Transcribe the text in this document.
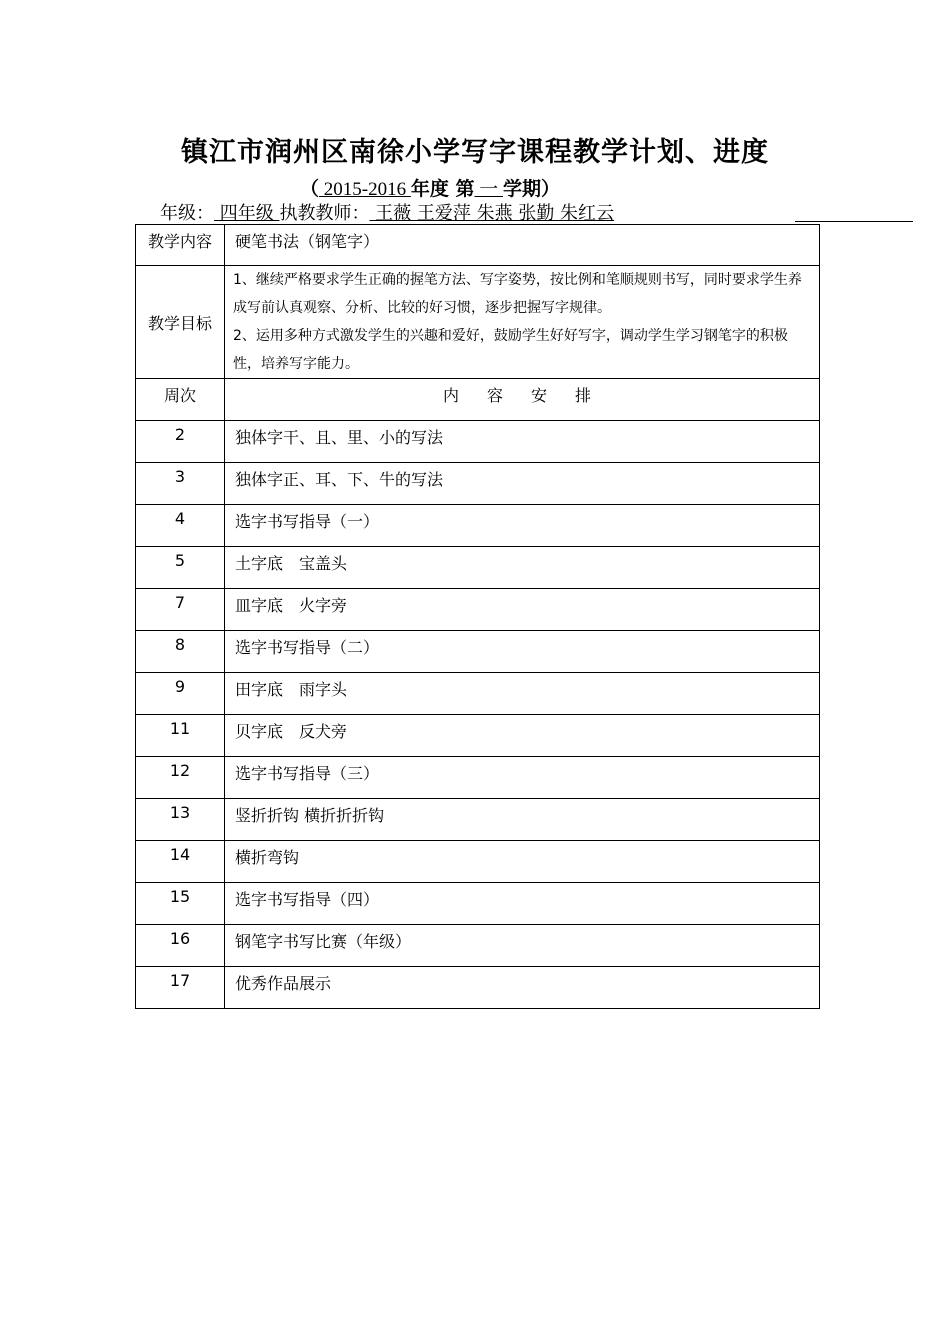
镇江市润州区南徐小学写字课程教学计划、进度
（ 2015-2016 年度 第 一 学期）
年级： 四年级 执教教师： 王薇 王爱萍 朱燕 张勤 朱红云
教学内容	硬笔书法（钢笔字）
教学目标	1、继续严格要求学生正确的握笔方法、写字姿势，按比例和笔顺规则书写，同时要求学生养成写前认真观察、分析、比较的好习惯，逐步把握写字规律。
2、运用多种方式激发学生的兴趣和爱好，鼓励学生好好写字，调动学生学习钢笔字的积极性，培养写字能力。

周次	内容安排
2	独体字干、且、里、小的写法
3	独体字正、耳、下、牛的写法
4	选字书写指导（一）
5	土字底　宝盖头
7	皿字底　火字旁
8	选字书写指导（二）
9	田字底　雨字头
11	贝字底　反犬旁
12	选字书写指导（三）
13	竖折折钩 横折折折钩
14	横折弯钩
15	选字书写指导（四）
16	钢笔字书写比赛（年级）
17	优秀作品展示
